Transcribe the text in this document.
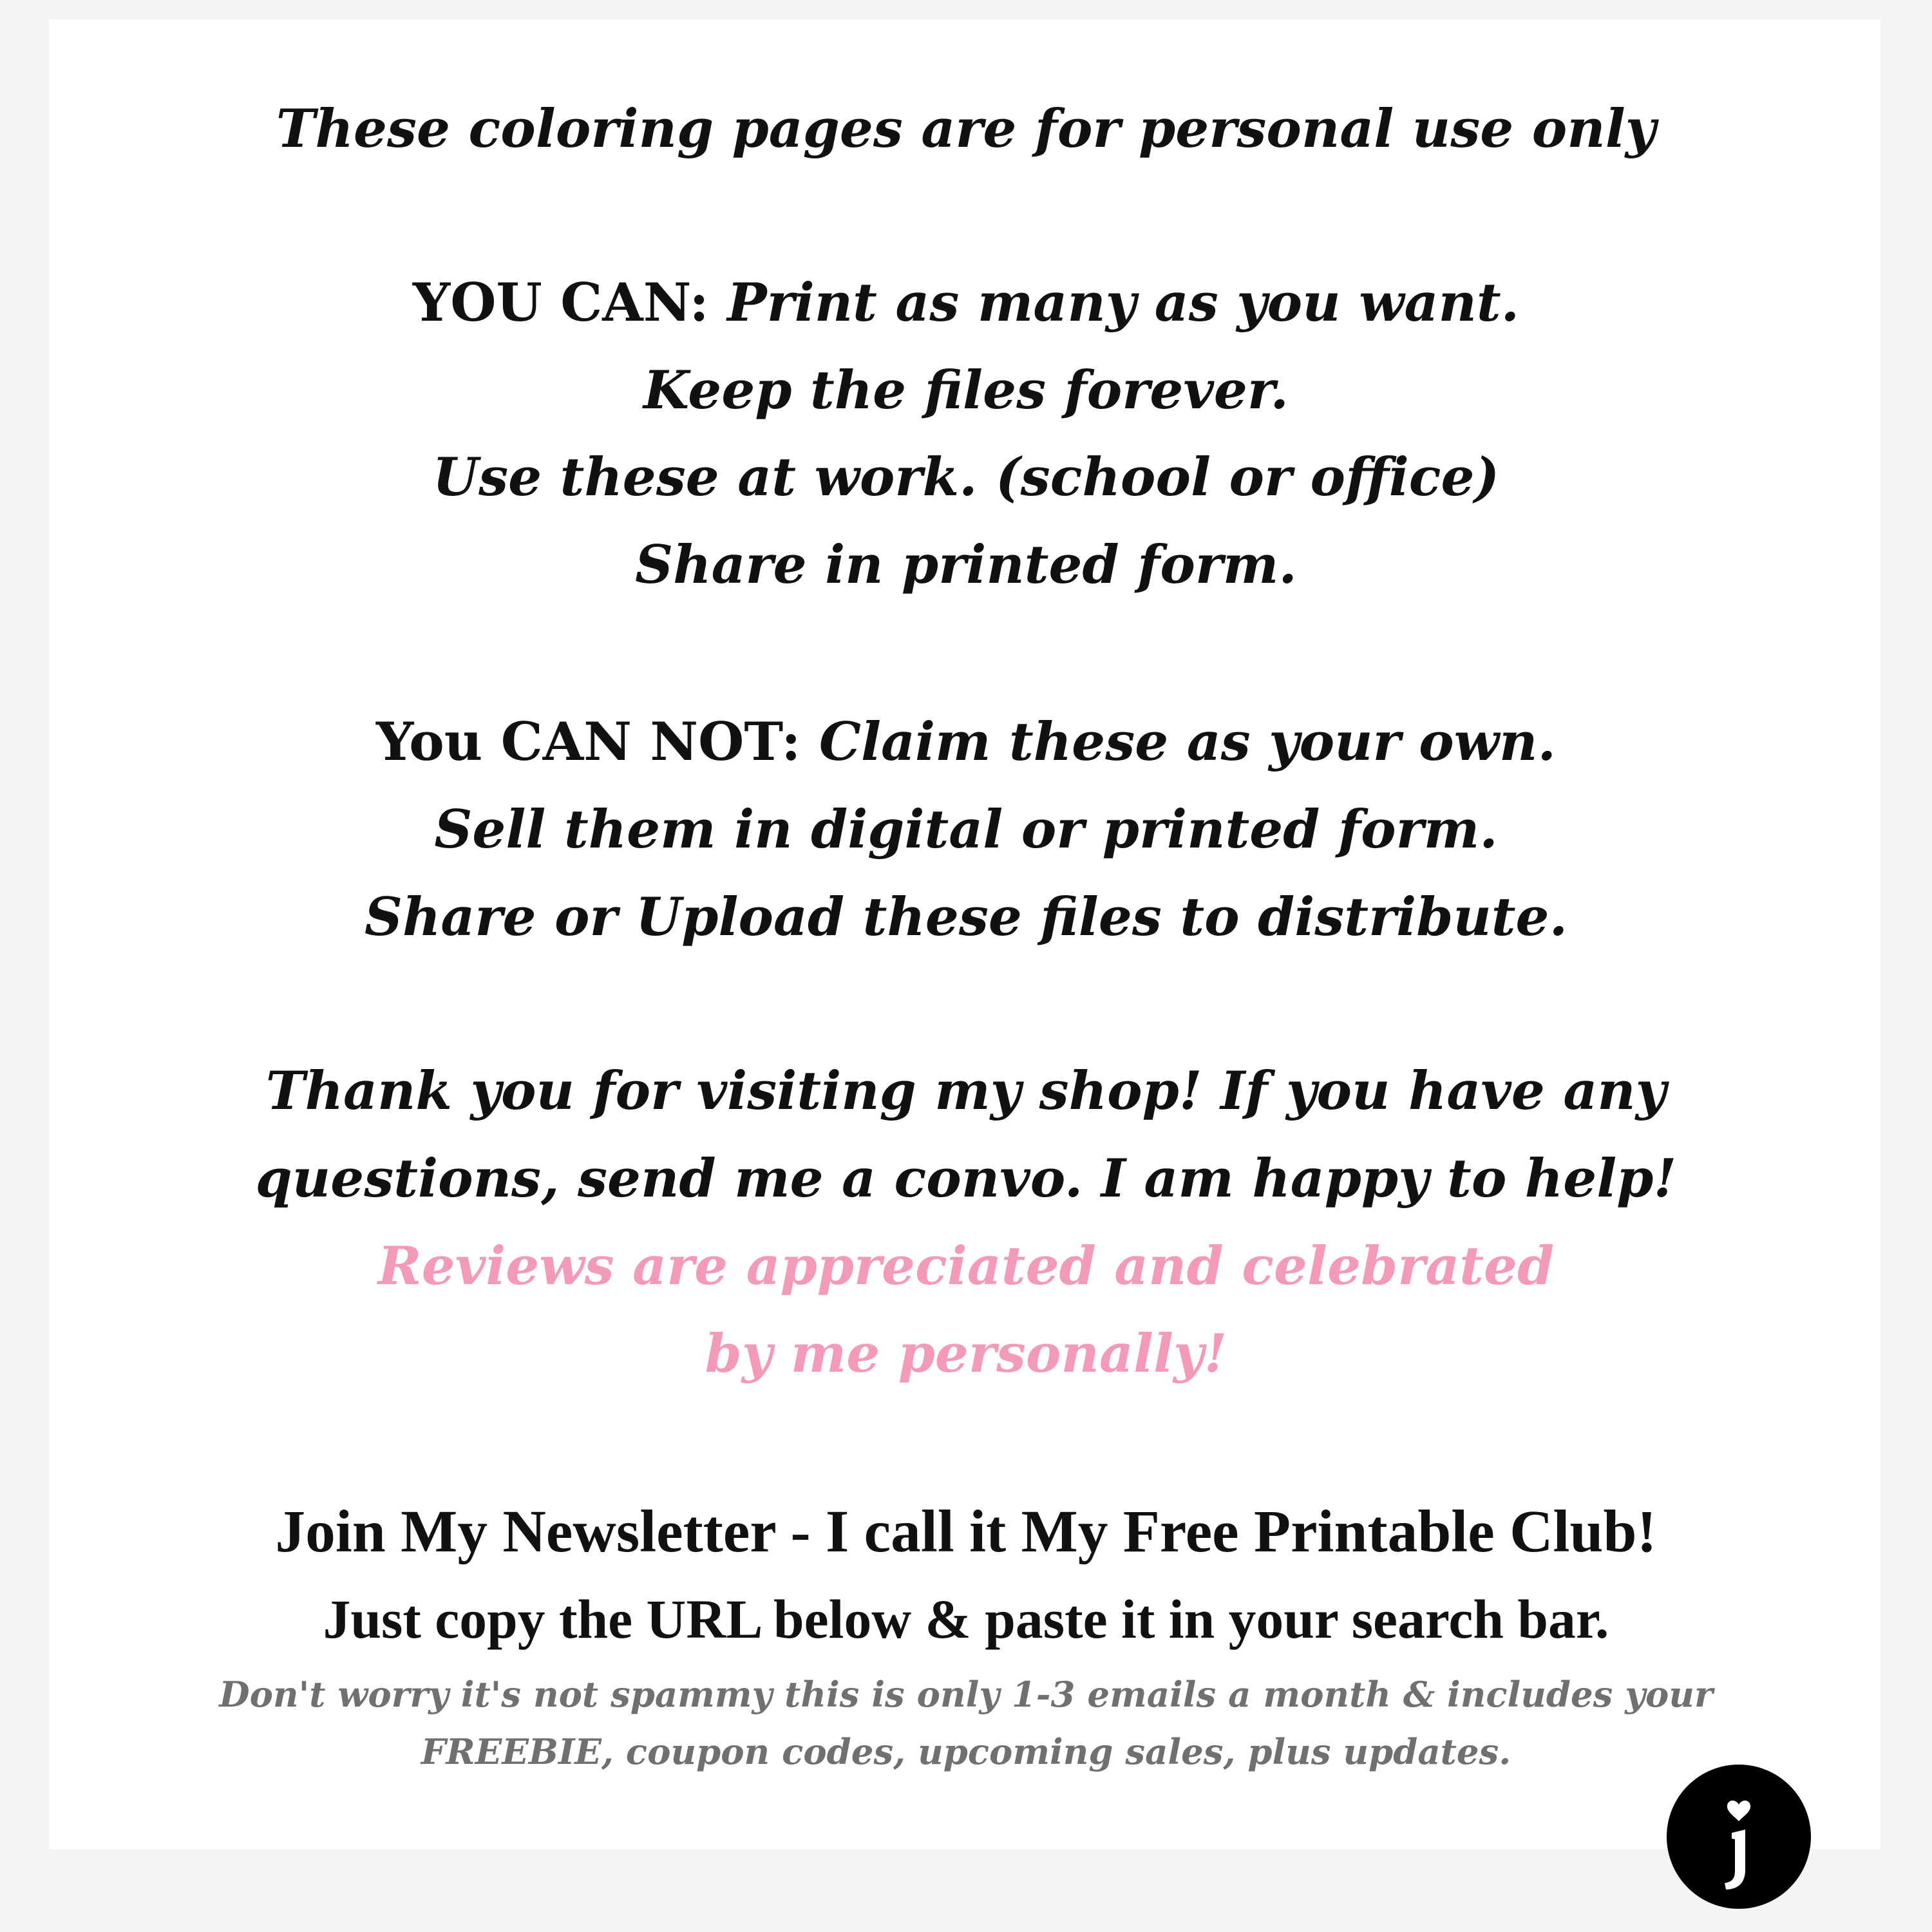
These coloring pages are for personal use only
YOU CAN: Print as many as you want.
Keep the files forever.
Use these at work. (school or office)
Share in printed form.
You CAN NOT: Claim these as your own.
Sell them in digital or printed form.
Share or Upload these files to distribute.
Thank you for visiting my shop! If you have any
questions, send me a convo. I am happy to help!
Reviews are appreciated and celebrated
by me personally!
Join My Newsletter - I call it My Free Printable Club!
Just copy the URL below & paste it in your search bar.
Don't worry it's not spammy this is only 1-3 emails a month & includes your
FREEBIE, coupon codes, upcoming sales, plus updates.
